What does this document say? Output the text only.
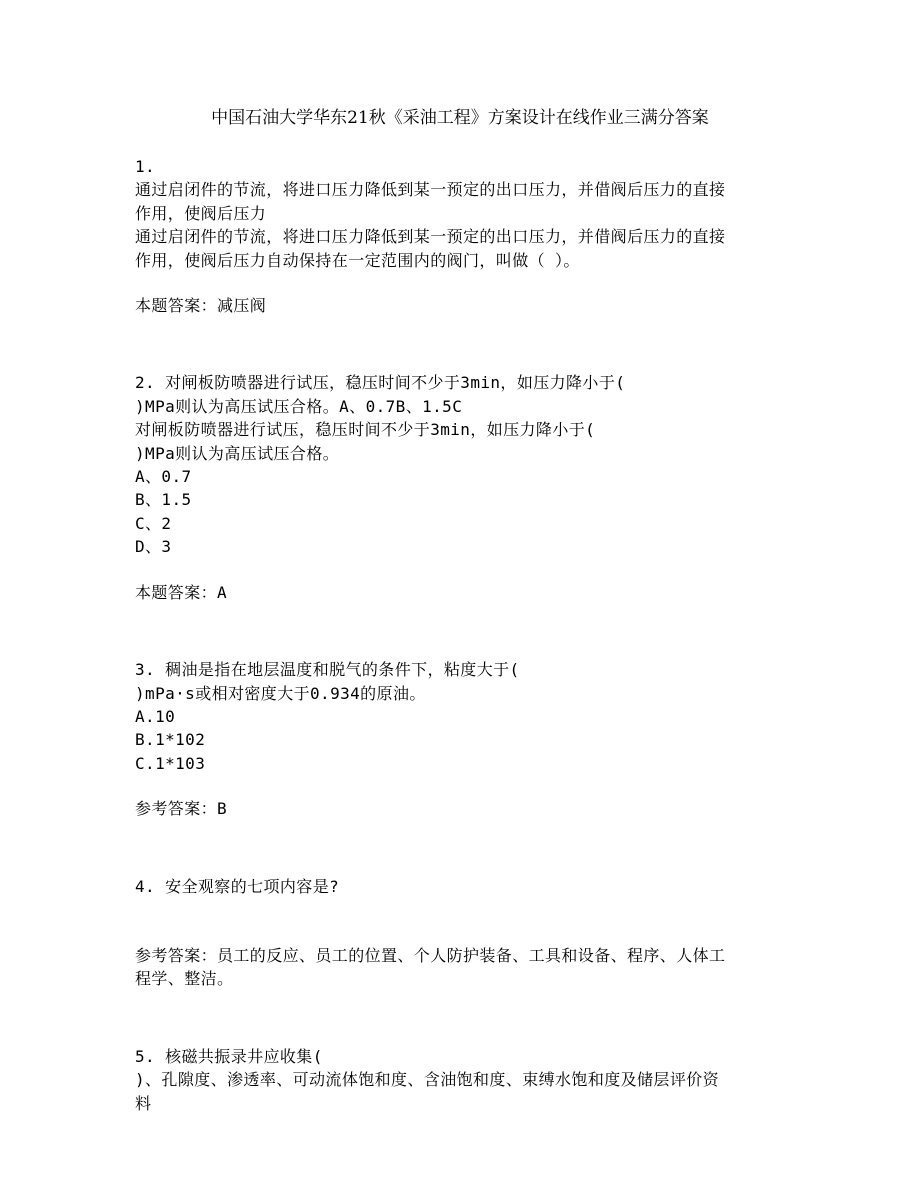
中国石油大学华东21秋《采油工程》方案设计在线作业三满分答案
1.
通过启闭件的节流，将进口压力降低到某一预定的出口压力，并借阀后压力的直接
作用，使阀后压力
通过启闭件的节流，将进口压力降低到某一预定的出口压力，并借阀后压力的直接
作用，使阀后压力自动保持在一定范围内的阀门，叫做（ ）。
本题答案：减压阀
2. 对闸板防喷器进行试压，稳压时间不少于3min，如压力降小于(
)MPa则认为高压试压合格。A、0.7B、1.5C
对闸板防喷器进行试压，稳压时间不少于3min，如压力降小于(
)MPa则认为高压试压合格。
A、0.7
B、1.5
C、2
D、3
本题答案：A
3. 稠油是指在地层温度和脱气的条件下，粘度大于(
)mPa·s或相对密度大于0.934的原油。
A.10
B.1*102
C.1*103
参考答案：B
4. 安全观察的七项内容是?
参考答案：员工的反应、员工的位置、个人防护装备、工具和设备、程序、人体工
程学、整洁。
5. 核磁共振录井应收集(
)、孔隙度、渗透率、可动流体饱和度、含油饱和度、束缚水饱和度及储层评价资
料
